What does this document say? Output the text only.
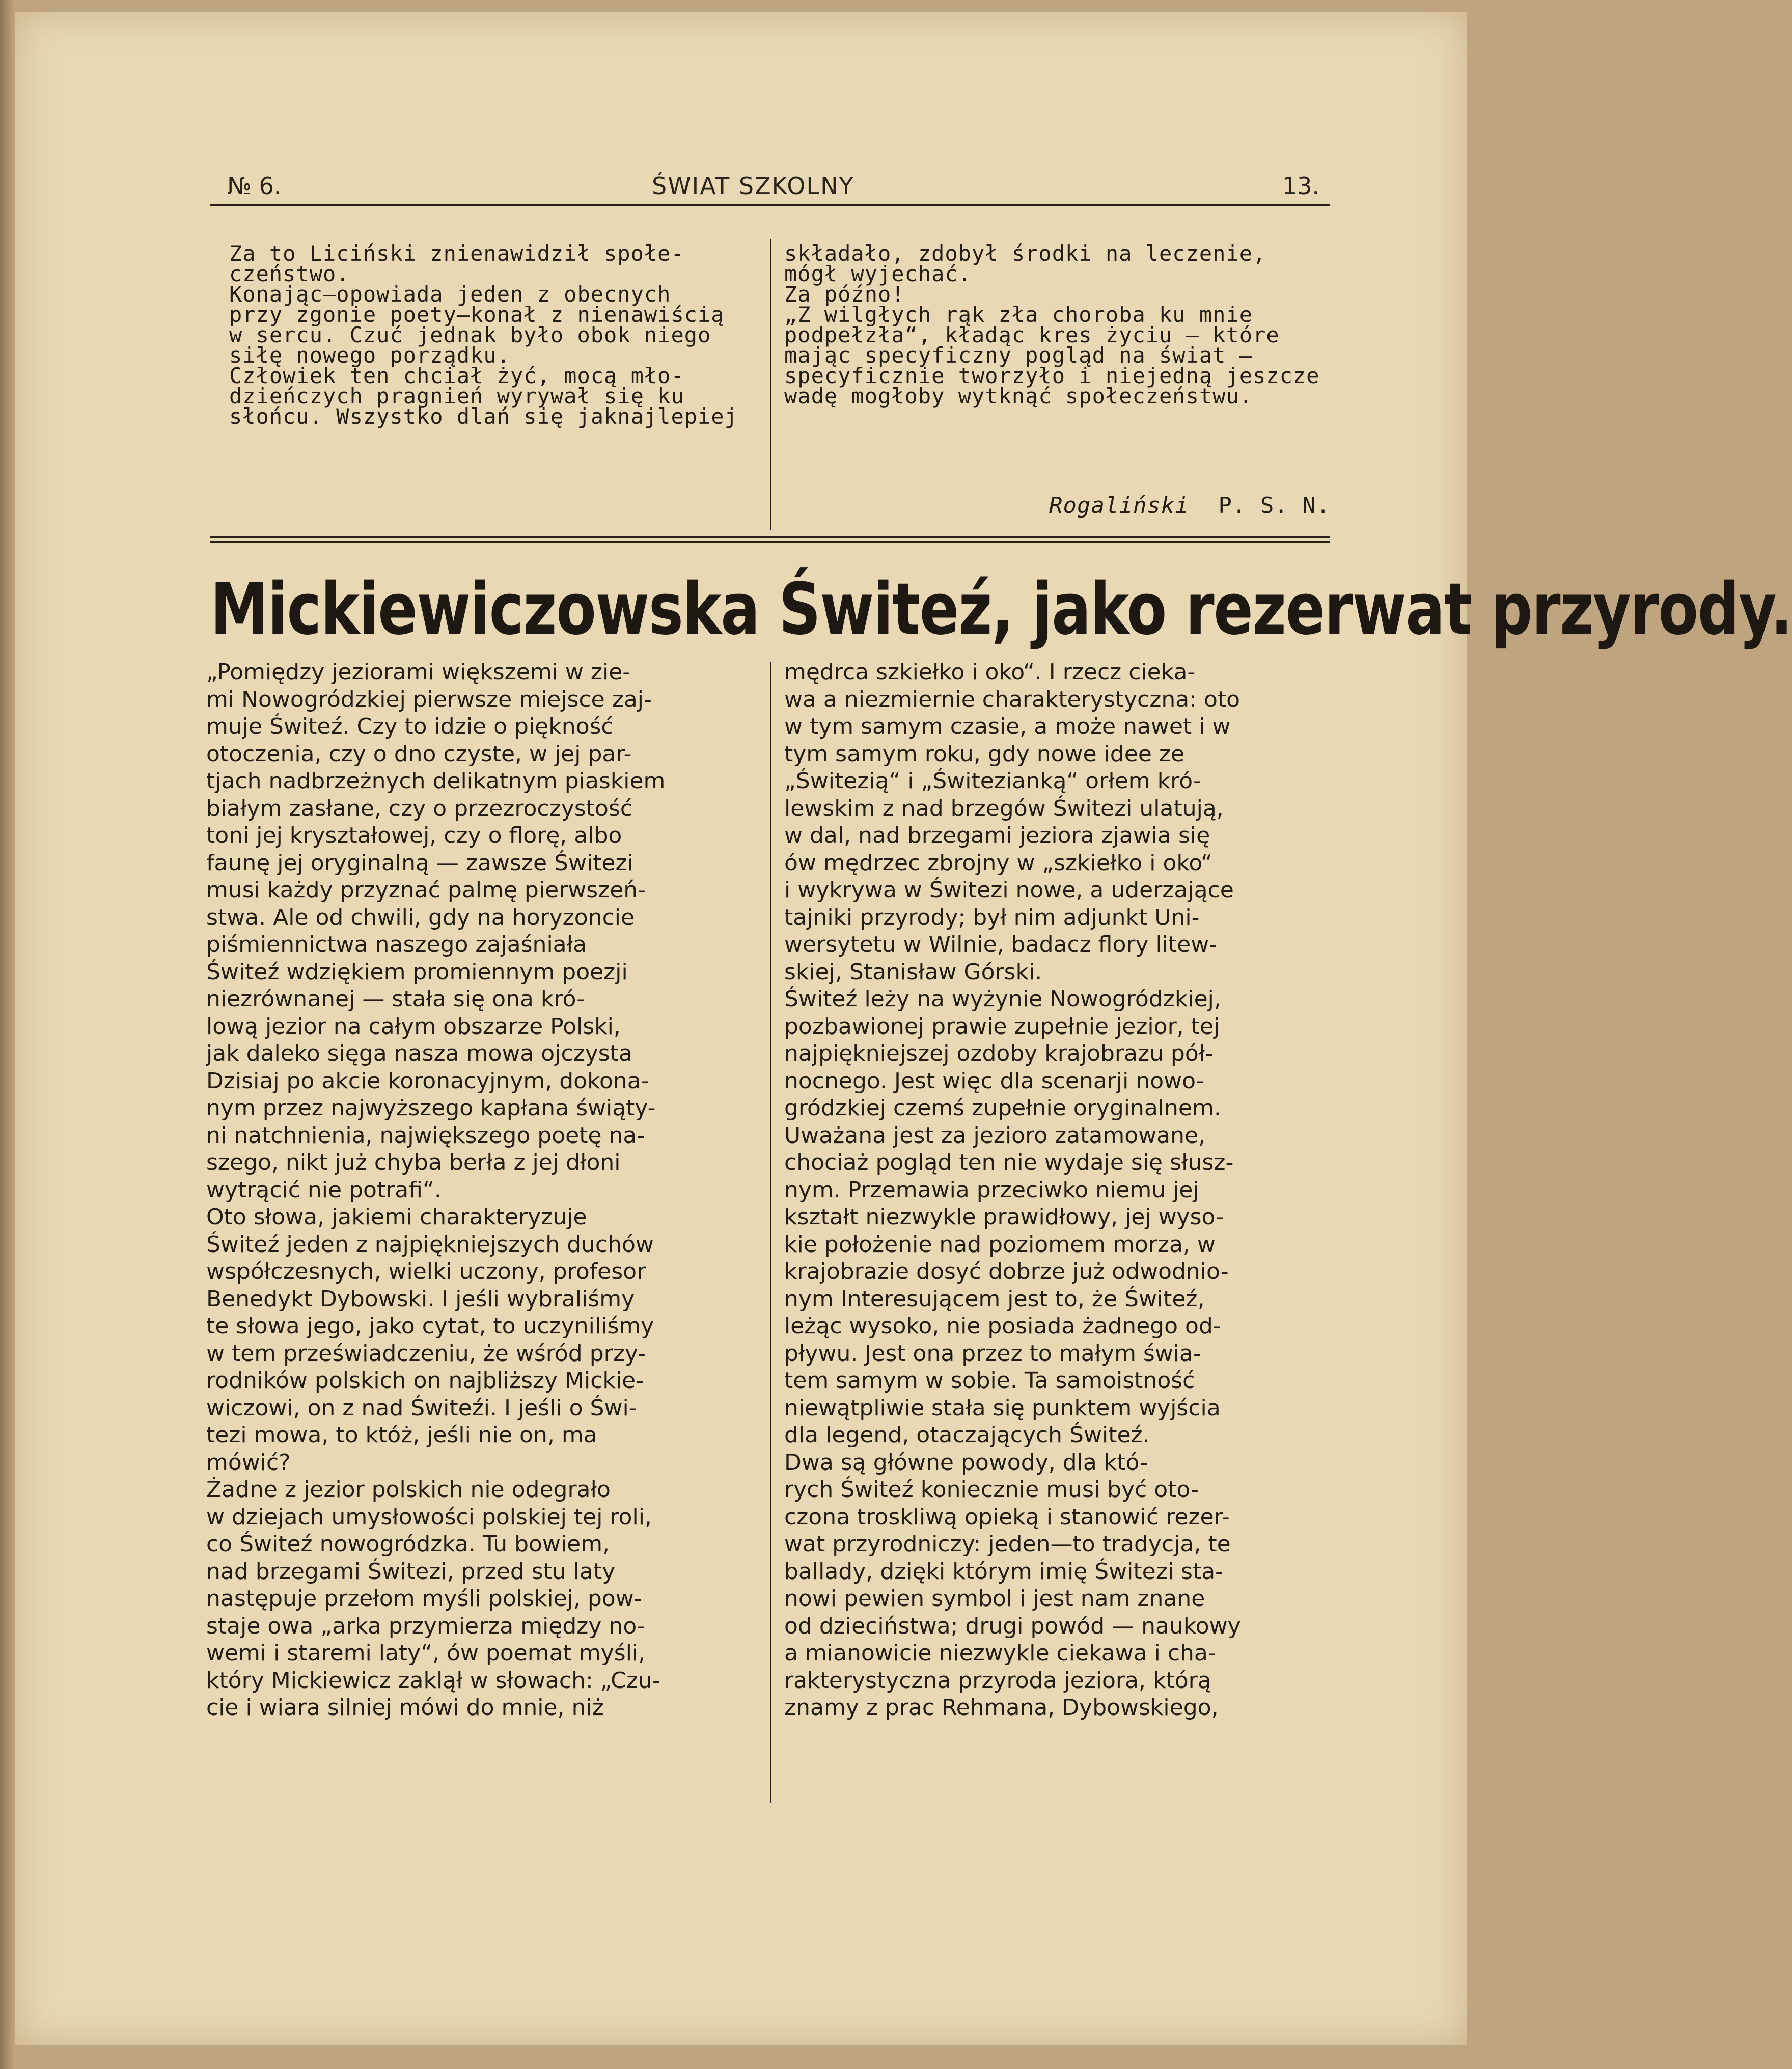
№ 6.	ŚWIAT SZKOLNY	13.
Za to Liciński znienawidził społe-
czeństwo.
Konając—opowiada jeden z obecnych
przy zgonie poety—konał z nienawiścią
w sercu. Czuć jednak było obok niego
siłę nowego porządku.
Człowiek ten chciał żyć, mocą mło-
dzieńczych pragnień wyrywał się ku
słońcu. Wszystko dlań się jaknajlepiej
składało, zdobył środki na leczenie,
mógł wyjechać.
Za późno!
„Z wilgłych rąk zła choroba ku mnie
podpełzła“, kładąc kres życiu — które
mając specyficzny pogląd na świat —
specyficznie tworzyło i niejedną jeszcze
wadę mogłoby wytknąć społeczeństwu.
Rogaliński P. S. N.
Mickiewiczowska Świteź, jako rezerwat przyrody.
„Pomiędzy jeziorami większemi w zie-
mi Nowogródzkiej pierwsze miejsce zaj-
muje Świteź. Czy to idzie o piękność
otoczenia, czy o dno czyste, w jej par-
tjach nadbrzeżnych delikatnym piaskiem
białym zasłane, czy o przezroczystość
toni jej kryształowej, czy o florę, albo
faunę jej oryginalną — zawsze Świtezi
musi każdy przyznać palmę pierwszeń-
stwa. Ale od chwili, gdy na horyzoncie
piśmiennictwa naszego zajaśniała
Świteź wdziękiem promiennym poezji
niezrównanej — stała się ona kró-
lową jezior na całym obszarze Polski,
jak daleko sięga nasza mowa ojczysta
Dzisiaj po akcie koronacyjnym, dokona-
nym przez najwyższego kapłana świąty-
ni natchnienia, największego poetę na-
szego, nikt już chyba berła z jej dłoni
wytrącić nie potrafi“.
Oto słowa, jakiemi charakteryzuje
Świteź jeden z najpiękniejszych duchów
współczesnych, wielki uczony, profesor
Benedykt Dybowski. I jeśli wybraliśmy
te słowa jego, jako cytat, to uczyniliśmy
w tem przeświadczeniu, że wśród przy-
rodników polskich on najbliższy Mickie-
wiczowi, on z nad Świteźi. I jeśli o Świ-
tezi mowa, to któż, jeśli nie on, ma
mówić?
Żadne z jezior polskich nie odegrało
w dziejach umysłowości polskiej tej roli,
co Świteź nowogródzka. Tu bowiem,
nad brzegami Świtezi, przed stu laty
następuje przełom myśli polskiej, pow-
staje owa „arka przymierza między no-
wemi i staremi laty“, ów poemat myśli,
który Mickiewicz zaklął w słowach: „Czu-
cie i wiara silniej mówi do mnie, niż
mędrca szkiełko i oko“. I rzecz cieka-
wa a niezmiernie charakterystyczna: oto
w tym samym czasie, a może nawet i w
tym samym roku, gdy nowe idee ze
„Świtezią“ i „Świtezianką“ orłem kró-
lewskim z nad brzegów Świtezi ulatują,
w dal, nad brzegami jeziora zjawia się
ów mędrzec zbrojny w „szkiełko i oko“
i wykrywa w Świtezi nowe, a uderzające
tajniki przyrody; był nim adjunkt Uni-
wersytetu w Wilnie, badacz flory litew-
skiej, Stanisław Górski.
Świteź leży na wyżynie Nowogródzkiej,
pozbawionej prawie zupełnie jezior, tej
najpiękniejszej ozdoby krajobrazu pół-
nocnego. Jest więc dla scenarji nowo-
gródzkiej czemś zupełnie oryginalnem.
Uważana jest za jezioro zatamowane,
chociaż pogląd ten nie wydaje się słusz-
nym. Przemawia przeciwko niemu jej
kształt niezwykle prawidłowy, jej wyso-
kie położenie nad poziomem morza, w
krajobrazie dosyć dobrze już odwodnio-
nym Interesującem jest to, że Świteź,
leżąc wysoko, nie posiada żadnego od-
pływu. Jest ona przez to małym świa-
tem samym w sobie. Ta samoistność
niewątpliwie stała się punktem wyjścia
dla legend, otaczających Świteź.
Dwa są główne powody, dla któ-
rych Świteź koniecznie musi być oto-
czona troskliwą opieką i stanowić rezer-
wat przyrodniczy: jeden—to tradycja, te
ballady, dzięki którym imię Świtezi sta-
nowi pewien symbol i jest nam znane
od dzieciństwa; drugi powód — naukowy
a mianowicie niezwykle ciekawa i cha-
rakterystyczna przyroda jeziora, którą
znamy z prac Rehmana, Dybowskiego,
